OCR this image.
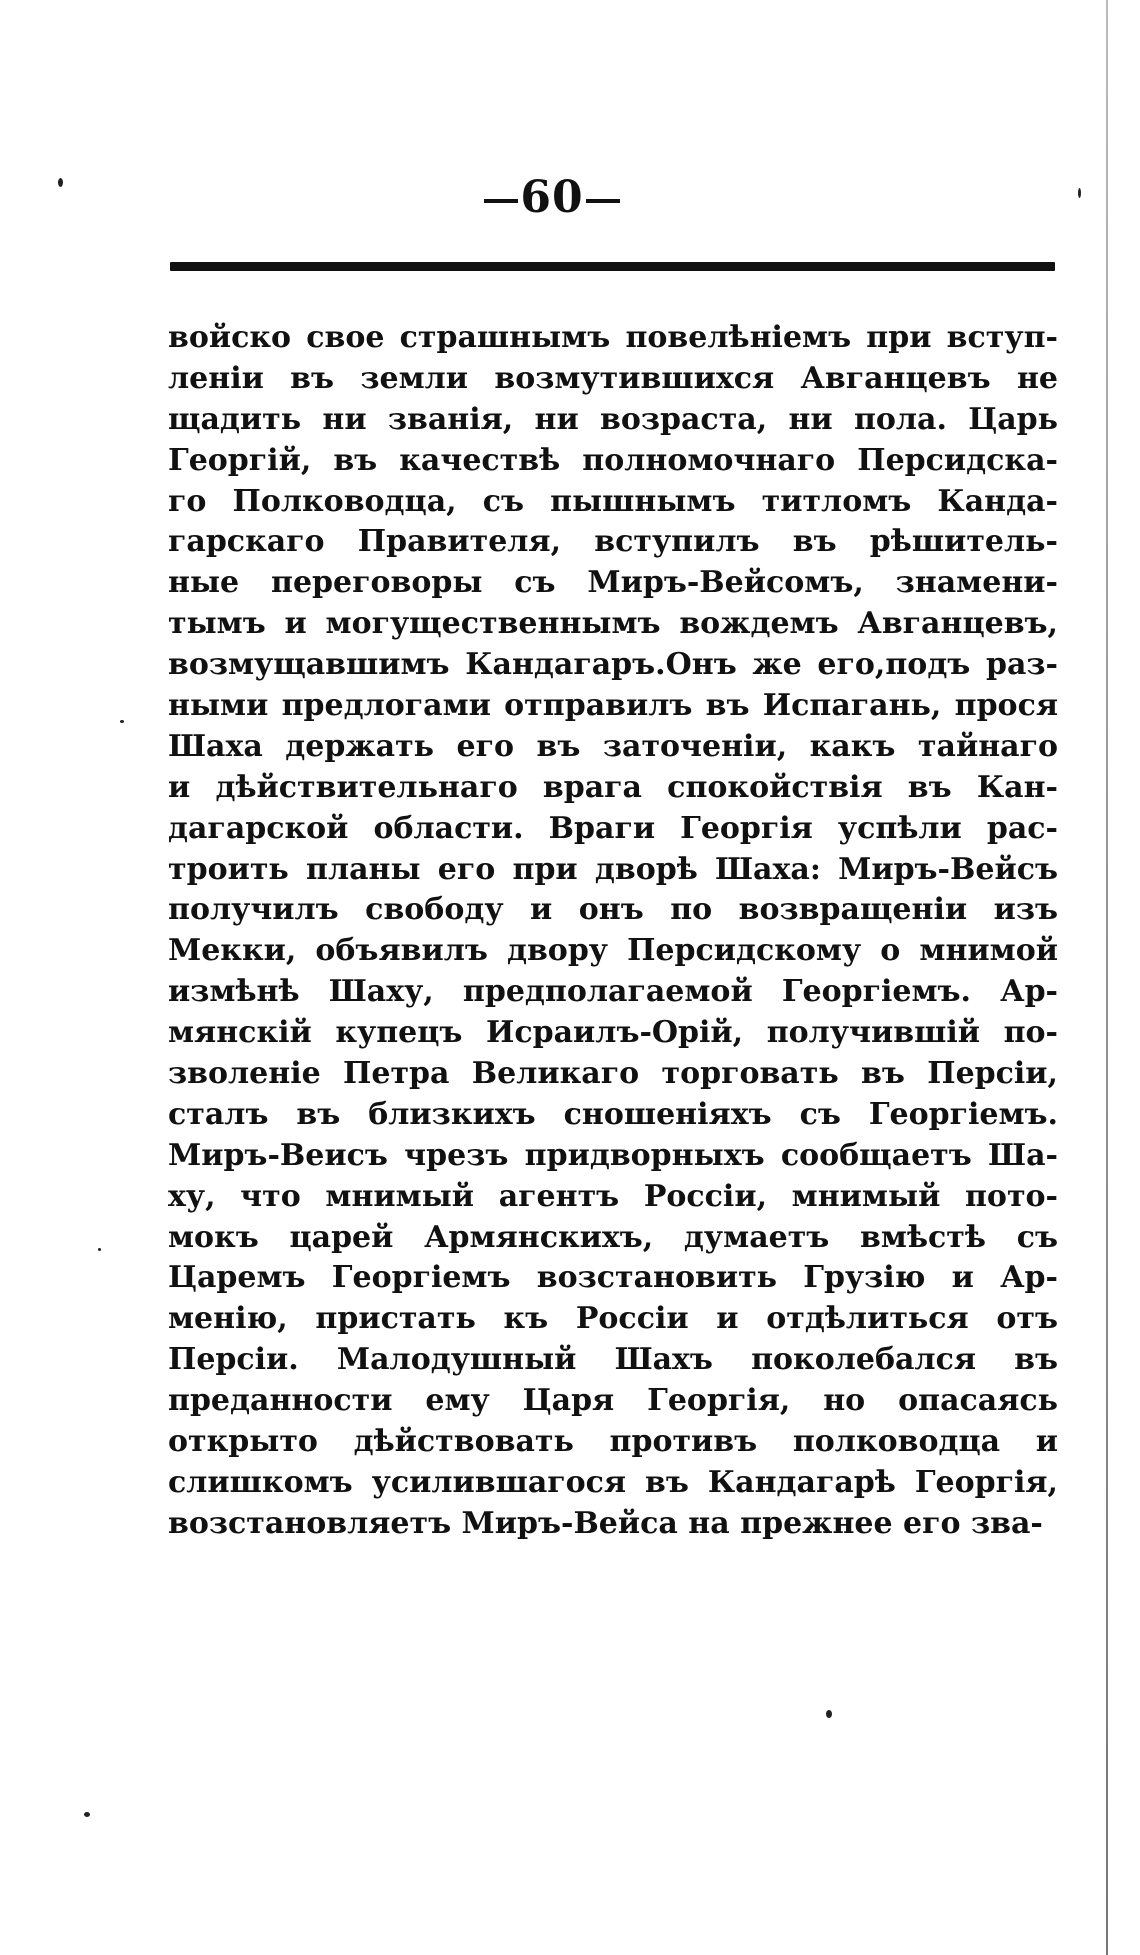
60
войско свое страшнымъ повелѣніемъ при вступ-
леніи въ земли возмутившихся Авганцевъ не
щадить ни званія, ни возраста, ни пола. Царь
Георгій, въ качествѣ полномочнаго Персидска-
го Полководца, съ пышнымъ титломъ Канда-
гарскаго Правителя, вступилъ въ рѣшитель-
ные переговоры съ Миръ-Вейсомъ, знамени-
тымъ и могущественнымъ вождемъ Авганцевъ,
возмущавшимъ Кандагаръ.Онъ же его,подъ раз-
ными предлогами отправилъ въ Испагань, прося
Шаха держать его въ заточеніи, какъ тайнаго
и дѣйствительнаго врага спокойствія въ Кан-
дагарской области. Враги Георгія успѣли рас-
троить планы его при дворѣ Шаха: Миръ-Вейсъ
получилъ свободу и онъ по возвращеніи изъ
Мекки, объявилъ двору Персидскому о мнимой
измѣнѣ Шаху, предполагаемой Георгіемъ. Ар-
мянскій купецъ Исраилъ-Орій, получившій по-
зволеніе Петра Великаго торговать въ Персіи,
сталъ въ близкихъ сношеніяхъ съ Георгіемъ.
Миръ-Веисъ чрезъ придворныхъ сообщаетъ Ша-
ху, что мнимый агентъ Россіи, мнимый пото-
мокъ царей Армянскихъ, думаетъ вмѣстѣ съ
Царемъ Георгіемъ возстановить Грузію и Ар-
менію, пристать къ Россіи и отдѣлиться отъ
Персіи. Малодушный Шахъ поколебался въ
преданности ему Царя Георгія, но опасаясь
открыто дѣйствовать противъ полководца и
слишкомъ усилившагося въ Кандагарѣ Георгія,
возстановляетъ Миръ-Вейса на прежнее его зва-
